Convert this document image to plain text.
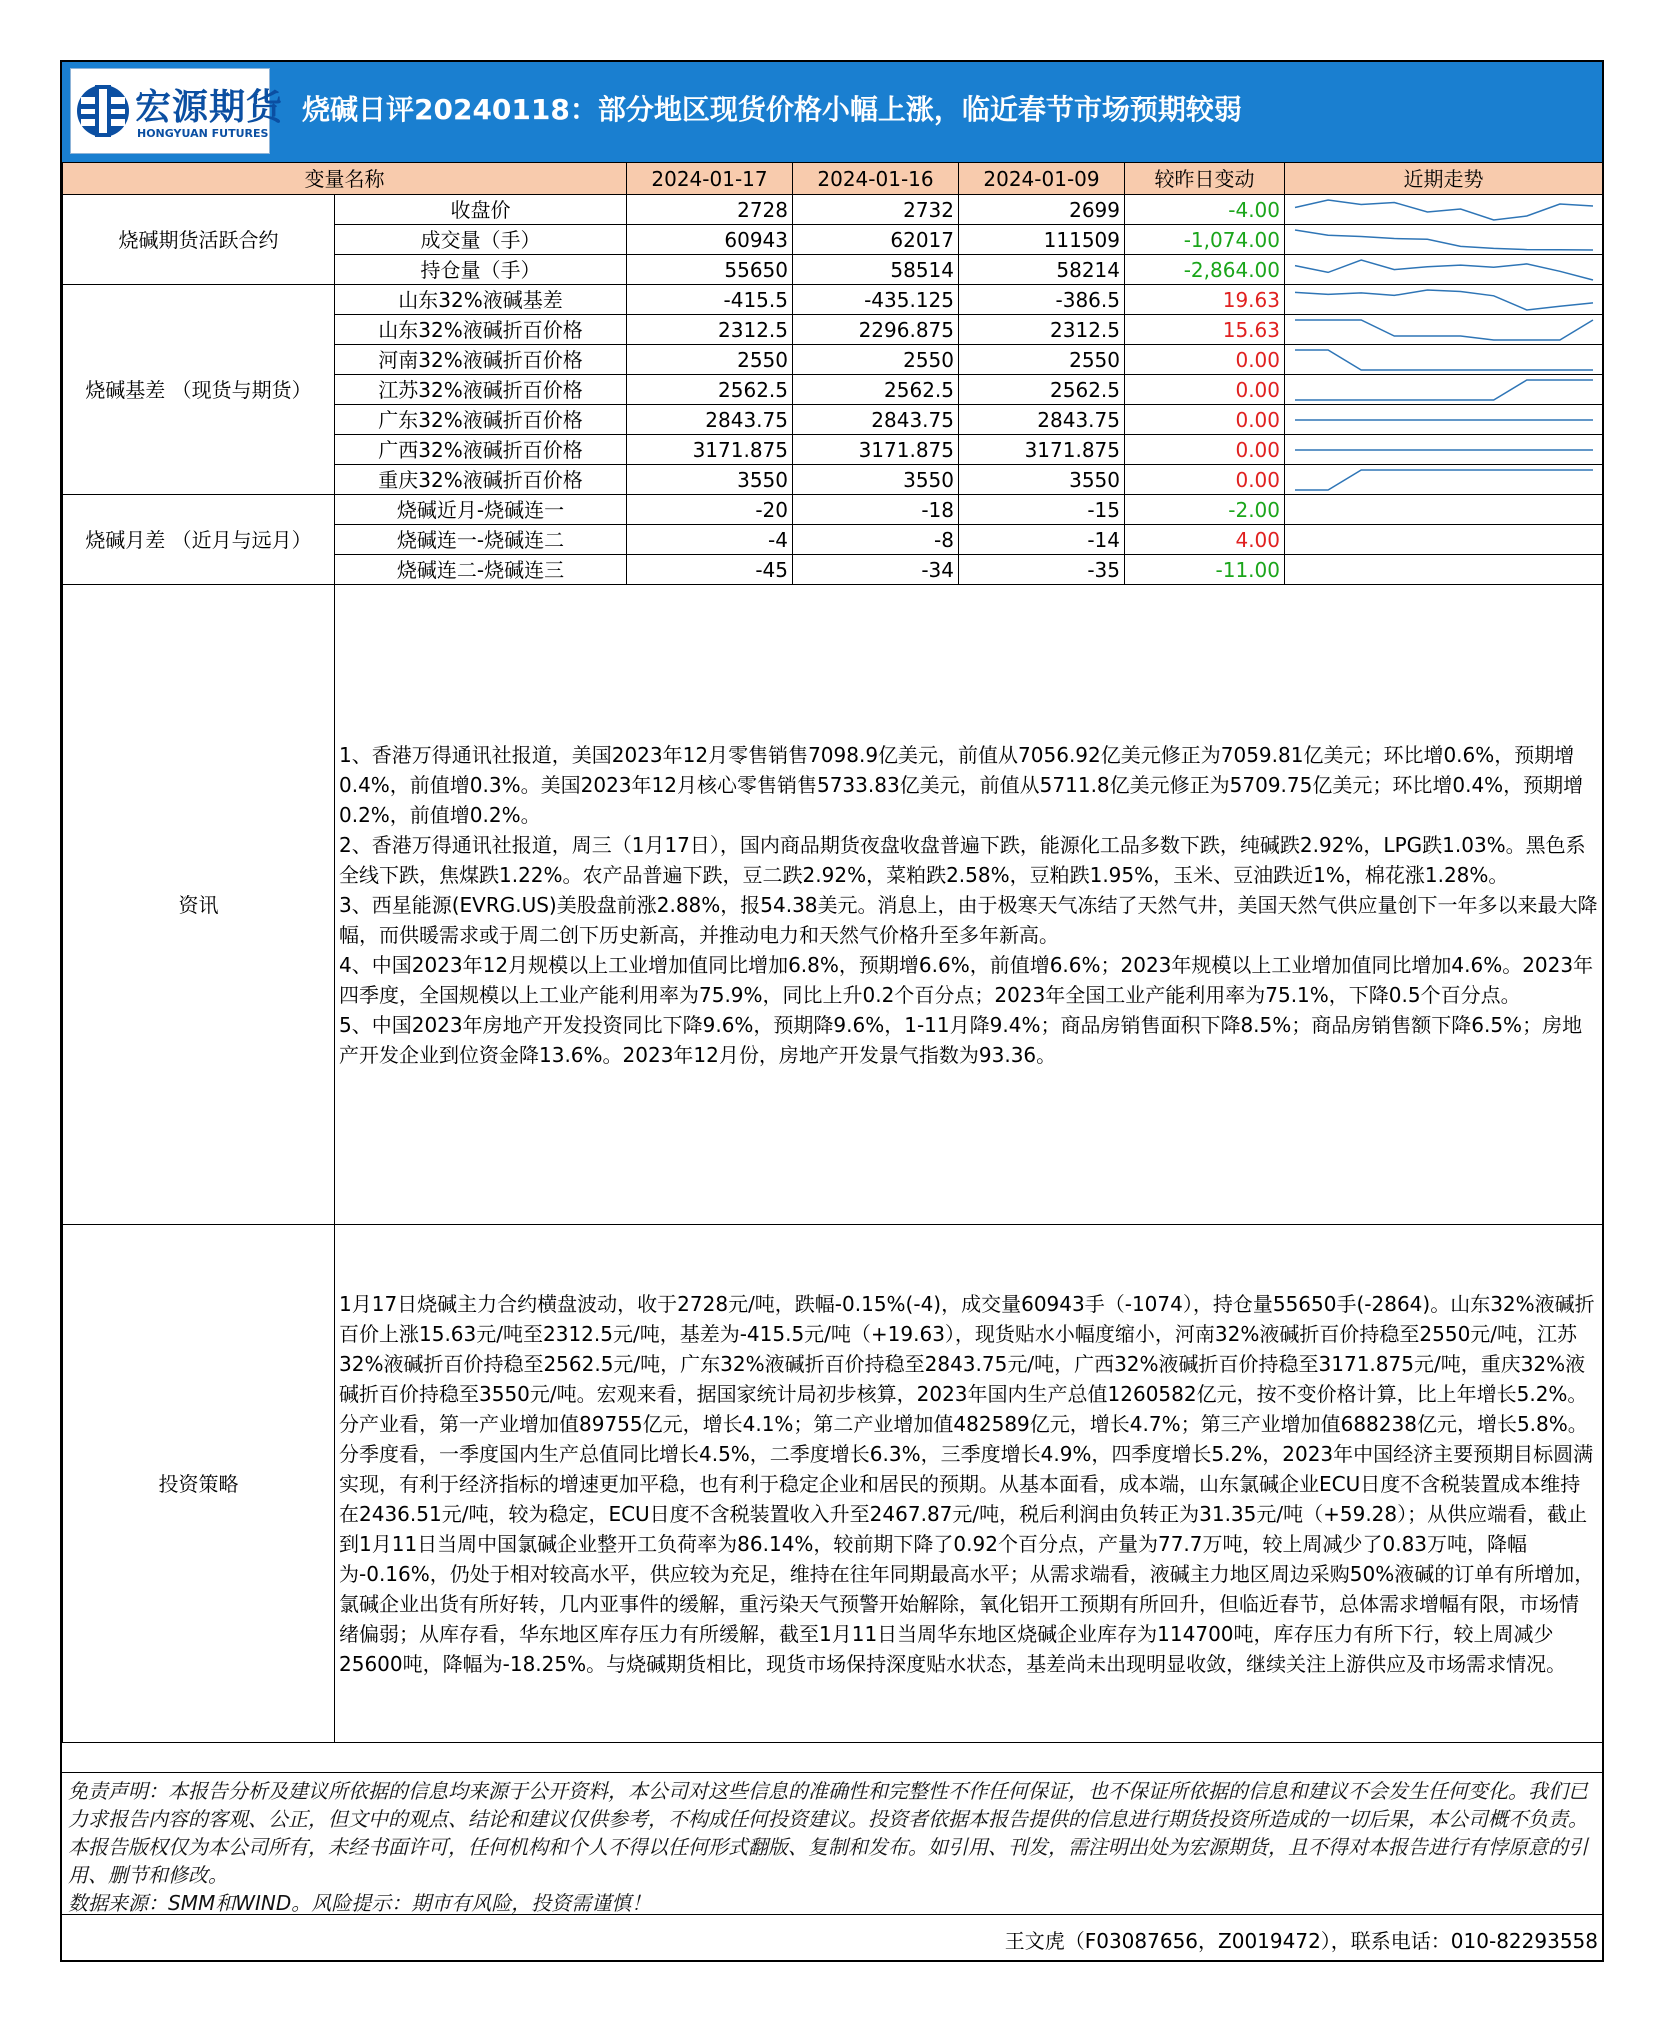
宏源期货
HONGYUAN FUTURES
烧碱日评20240118：部分地区现货价格小幅上涨，临近春节市场预期较弱
变量名称		2024-01-17	2024-01-16	2024-01-09	较昨日变动	近期走势
烧碱期货活跃合约	收盘价	2728	2732	2699	-4.00	

	成交量（手）	60943	62017	111509	-1,074.00	

	持仓量（手）	55650	58514	58214	-2,864.00	

烧碱基差 （现货与期货）	山东32%液碱基差	-415.5	-435.125	-386.5	19.63	

	山东32%液碱折百价格	2312.5	2296.875	2312.5	15.63	

	河南32%液碱折百价格	2550	2550	2550	0.00	

	江苏32%液碱折百价格	2562.5	2562.5	2562.5	0.00	

	广东32%液碱折百价格	2843.75	2843.75	2843.75	0.00	

	广西32%液碱折百价格	3171.875	3171.875	3171.875	0.00	

	重庆32%液碱折百价格	3550	3550	3550	0.00	

烧碱月差 （近月与远月）	烧碱近月-烧碱连一	-20	-18	-15	-2.00	
	烧碱连一-烧碱连二	-4	-8	-14	4.00	
	烧碱连二-烧碱连三	-45	-34	-35	-11.00	
资讯	1、香港万得通讯社报道，美国2023年12月零售销售7098.9亿美元，前值从7056.92亿美元修正为7059.81亿美元；环比增0.6%，预期增0.4%，前值增0.3%。美国2023年12月核心零售销售5733.83亿美元，前值从5711.8亿美元修正为5709.75亿美元；环比增0.4%，预期增0.2%，前值增0.2%。

2、香港万得通讯社报道，周三（1月17日），国内商品期货夜盘收盘普遍下跌，能源化工品多数下跌，纯碱跌2.92%，LPG跌1.03%。黑色系全线下跌，焦煤跌1.22%。农产品普遍下跌，豆二跌2.92%，菜粕跌2.58%，豆粕跌1.95%，玉米、豆油跌近1%，棉花涨1.28%。

3、西星能源(EVRG.US)美股盘前涨2.88%，报54.38美元。消息上，由于极寒天气冻结了天然气井，美国天然气供应量创下一年多以来最大降幅，而供暖需求或于周二创下历史新高，并推动电力和天然气价格升至多年新高。

4、中国2023年12月规模以上工业增加值同比增加6.8%，预期增6.6%，前值增6.6%；2023年规模以上工业增加值同比增加4.6%。2023年四季度，全国规模以上工业产能利用率为75.9%，同比上升0.2个百分点；2023年全国工业产能利用率为75.1%，下降0.5个百分点。

5、中国2023年房地产开发投资同比下降9.6%，预期降9.6%，1-11月降9.4%；商品房销售面积下降8.5%；商品房销售额下降6.5%；房地产开发企业到位资金降13.6%。2023年12月份，房地产开发景气指数为93.36。					

投资策略	1月17日烧碱主力合约横盘波动，收于2728元/吨，跌幅-0.15%(-4)，成交量60943手（-1074），持仓量55650手(-2864)。山东32%液碱折百价上涨15.63元/吨至2312.5元/吨，基差为-415.5元/吨（+19.63），现货贴水小幅度缩小，河南32%液碱折百价持稳至2550元/吨，江苏32%液碱折百价持稳至2562.5元/吨，广东32%液碱折百价持稳至2843.75元/吨，广西32%液碱折百价持稳至3171.875元/吨，重庆32%液碱折百价持稳至3550元/吨。宏观来看，据国家统计局初步核算，2023年国内生产总值1260582亿元，按不变价格计算，比上年增长5.2%。分产业看，第一产业增加值89755亿元，增长4.1%；第二产业增加值482589亿元，增长4.7%；第三产业增加值688238亿元，增长5.8%。分季度看，一季度国内生产总值同比增长4.5%，二季度增长6.3%，三季度增长4.9%，四季度增长5.2%，2023年中国经济主要预期目标圆满实现，有利于经济指标的增速更加平稳，也有利于稳定企业和居民的预期。从基本面看，成本端，山东氯碱企业ECU日度不含税装置成本维持在2436.51元/吨，较为稳定，ECU日度不含税装置收入升至2467.87元/吨，税后利润由负转正为31.35元/吨（+59.28）；从供应端看，截止到1月11日当周中国氯碱企业整开工负荷率为86.14%，较前期下降了0.92个百分点，产量为77.7万吨，较上周减少了0.83万吨，降幅为-0.16%，仍处于相对较高水平，供应较为充足，维持在往年同期最高水平；从需求端看，液碱主力地区周边采购50%液碱的订单有所增加，氯碱企业出货有所好转，几内亚事件的缓解，重污染天气预警开始解除，氧化铝开工预期有所回升，但临近春节，总体需求增幅有限，市场情绪偏弱；从库存看，华东地区库存压力有所缓解，截至1月11日当周华东地区烧碱企业库存为114700吨，库存压力有所下行，较上周减少25600吨，降幅为-18.25%。与烧碱期货相比，现货市场保持深度贴水状态，基差尚未出现明显收敛，继续关注上游供应及市场需求情况。					
免责声明：本报告分析及建议所依据的信息均来源于公开资料，本公司对这些信息的准确性和完整性不作任何保证，也不保证所依据的信息和建议不会发生任何变化。我们已力求报告内容的客观、公正，但文中的观点、结论和建议仅供参考，不构成任何投资建议。投资者依据本报告提供的信息进行期货投资所造成的一切后果，本公司概不负责。本报告版权仅为本公司所有，未经书面许可，任何机构和个人不得以任何形式翻版、复制和发布。如引用、刊发，需注明出处为宏源期货，且不得对本报告进行有悖原意的引用、删节和修改。
数据来源：SMM和WIND。风险提示：期市有风险，投资需谨慎！
王文虎（F03087656，Z0019472），联系电话：010-82293558
